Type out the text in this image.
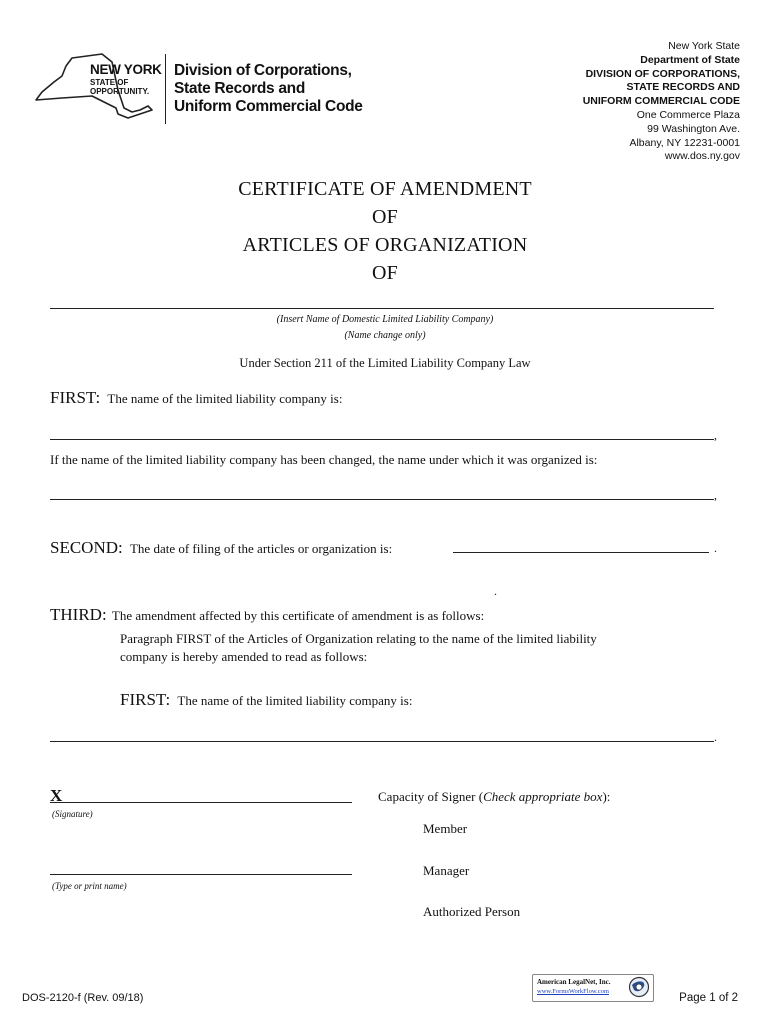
NEW YORK
STATE OF
OPPORTUNITY.
Division of Corporations,
State Records and
Uniform Commercial Code
New York State
Department of State
DIVISION OF CORPORATIONS,
STATE RECORDS AND
UNIFORM COMMERCIAL CODE
One Commerce Plaza
99 Washington Ave.
Albany, NY 12231-0001
www.dos.ny.gov
CERTIFICATE OF AMENDMENT
OF
ARTICLES OF ORGANIZATION
OF
(Insert Name of Domestic Limited Liability Company)
(Name change only)
Under Section 211 of the Limited Liability Company Law
FIRST: The name of the limited liability company is:
,
If the name of the limited liability company has been changed, the name under which it was organized is:
,
SECOND: The date of filing of the articles or organization is:	.
.
THIRD: The amendment affected by this certificate of amendment is as follows:
Paragraph FIRST of the Articles of Organization relating to the name of the limited liability
company is hereby amended to read as follows:
FIRST: The name of the limited liability company is:
.
X
(Signature)
(Type or print name)
Capacity of Signer (Check appropriate box):
Member
Manager
Authorized Person
DOS-2120-f (Rev. 09/18)
American LegalNet, Inc.
www.FormsWorkFlow.com
Page 1 of 2
